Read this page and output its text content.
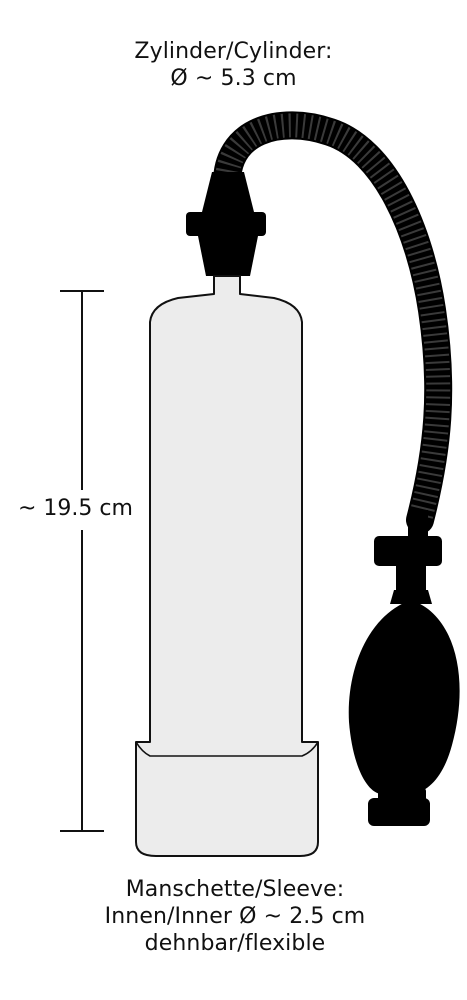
Zylinder/Cylinder:
Ø ~ 5.3 cm
~ 19.5 cm
Manschette/Sleeve:
Innen/Inner Ø ~ 2.5 cm
dehnbar/flexible
